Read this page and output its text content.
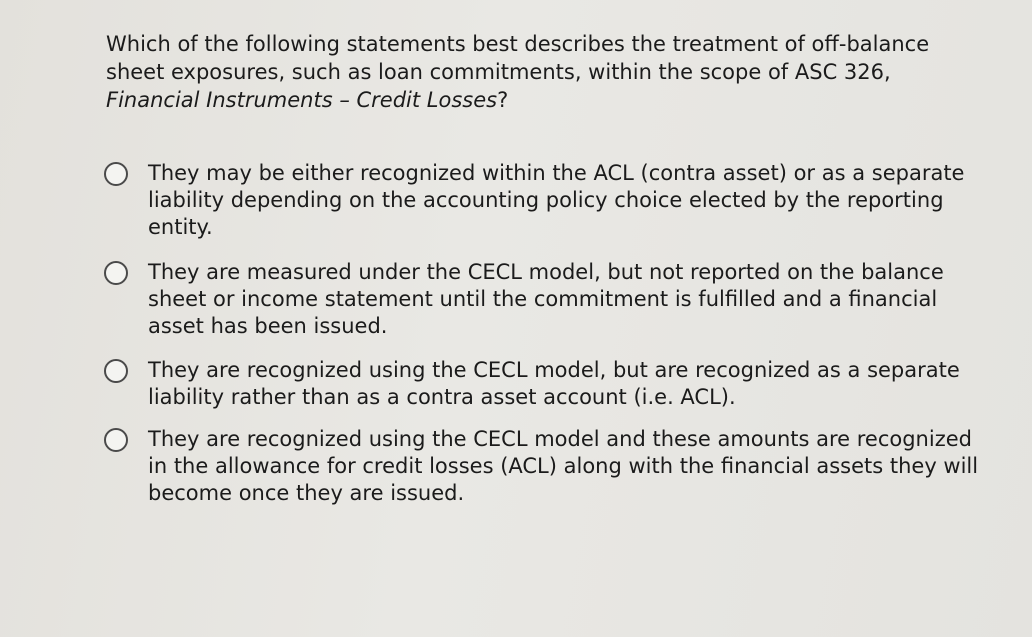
Which of the following statements best describes the treatment of off-balance sheet exposures, such as loan commitments, within the scope of ASC 326,
Financial Instruments – Credit Losses?
They may be either recognized within the ACL (contra asset) or as a separate liability depending on the accounting policy choice elected by the reporting entity.
They are measured under the CECL model, but not reported on the balance sheet or income statement until the commitment is fulfilled and a financial asset has been issued.
They are recognized using the CECL model, but are recognized as a separate liability rather than as a contra asset account (i.e. ACL).
They are recognized using the CECL model and these amounts are recognized in the allowance for credit losses (ACL) along with the financial assets they will become once they are issued.
